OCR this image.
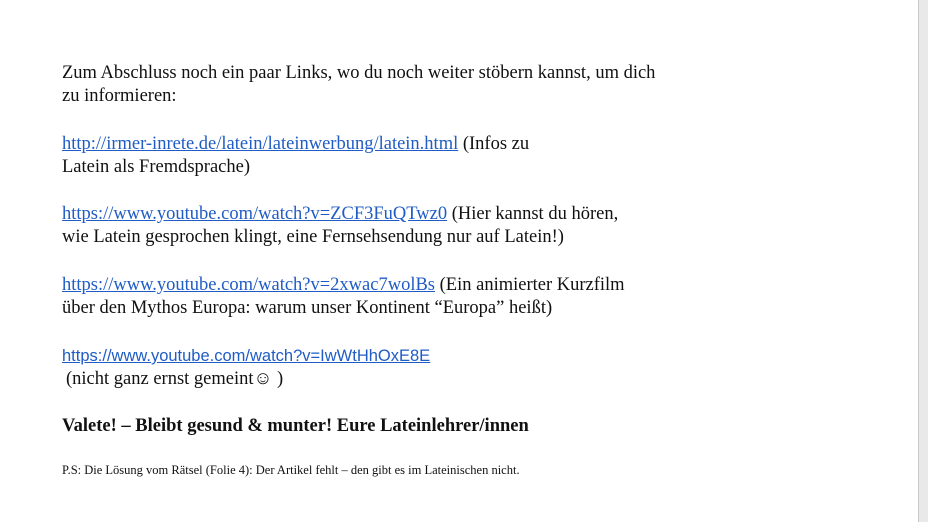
Zum Abschluss noch ein paar Links, wo du noch weiter stöbern kannst, um dich
zu informieren:

http://irmer-inrete.de/latein/lateinwerbung/latein.html (Infos zu
Latein als Fremdsprache)

https://www.youtube.com/watch?v=ZCF3FuQTwz0 (Hier kannst du hören,
wie Latein gesprochen klingt, eine Fernsehsendung nur auf Latein!)

https://www.youtube.com/watch?v=2xwac7wolBs (Ein animierter Kurzfilm
über den Mythos Europa: warum unser Kontinent “Europa” heißt)

https://www.youtube.com/watch?v=IwWtHhOxE8E
(nicht ganz ernst gemeint☺ )

Valete! – Bleibt gesund & munter! Eure Lateinlehrer/innen

P.S: Die Lösung vom Rätsel (Folie 4): Der Artikel fehlt – den gibt es im Lateinischen nicht.
